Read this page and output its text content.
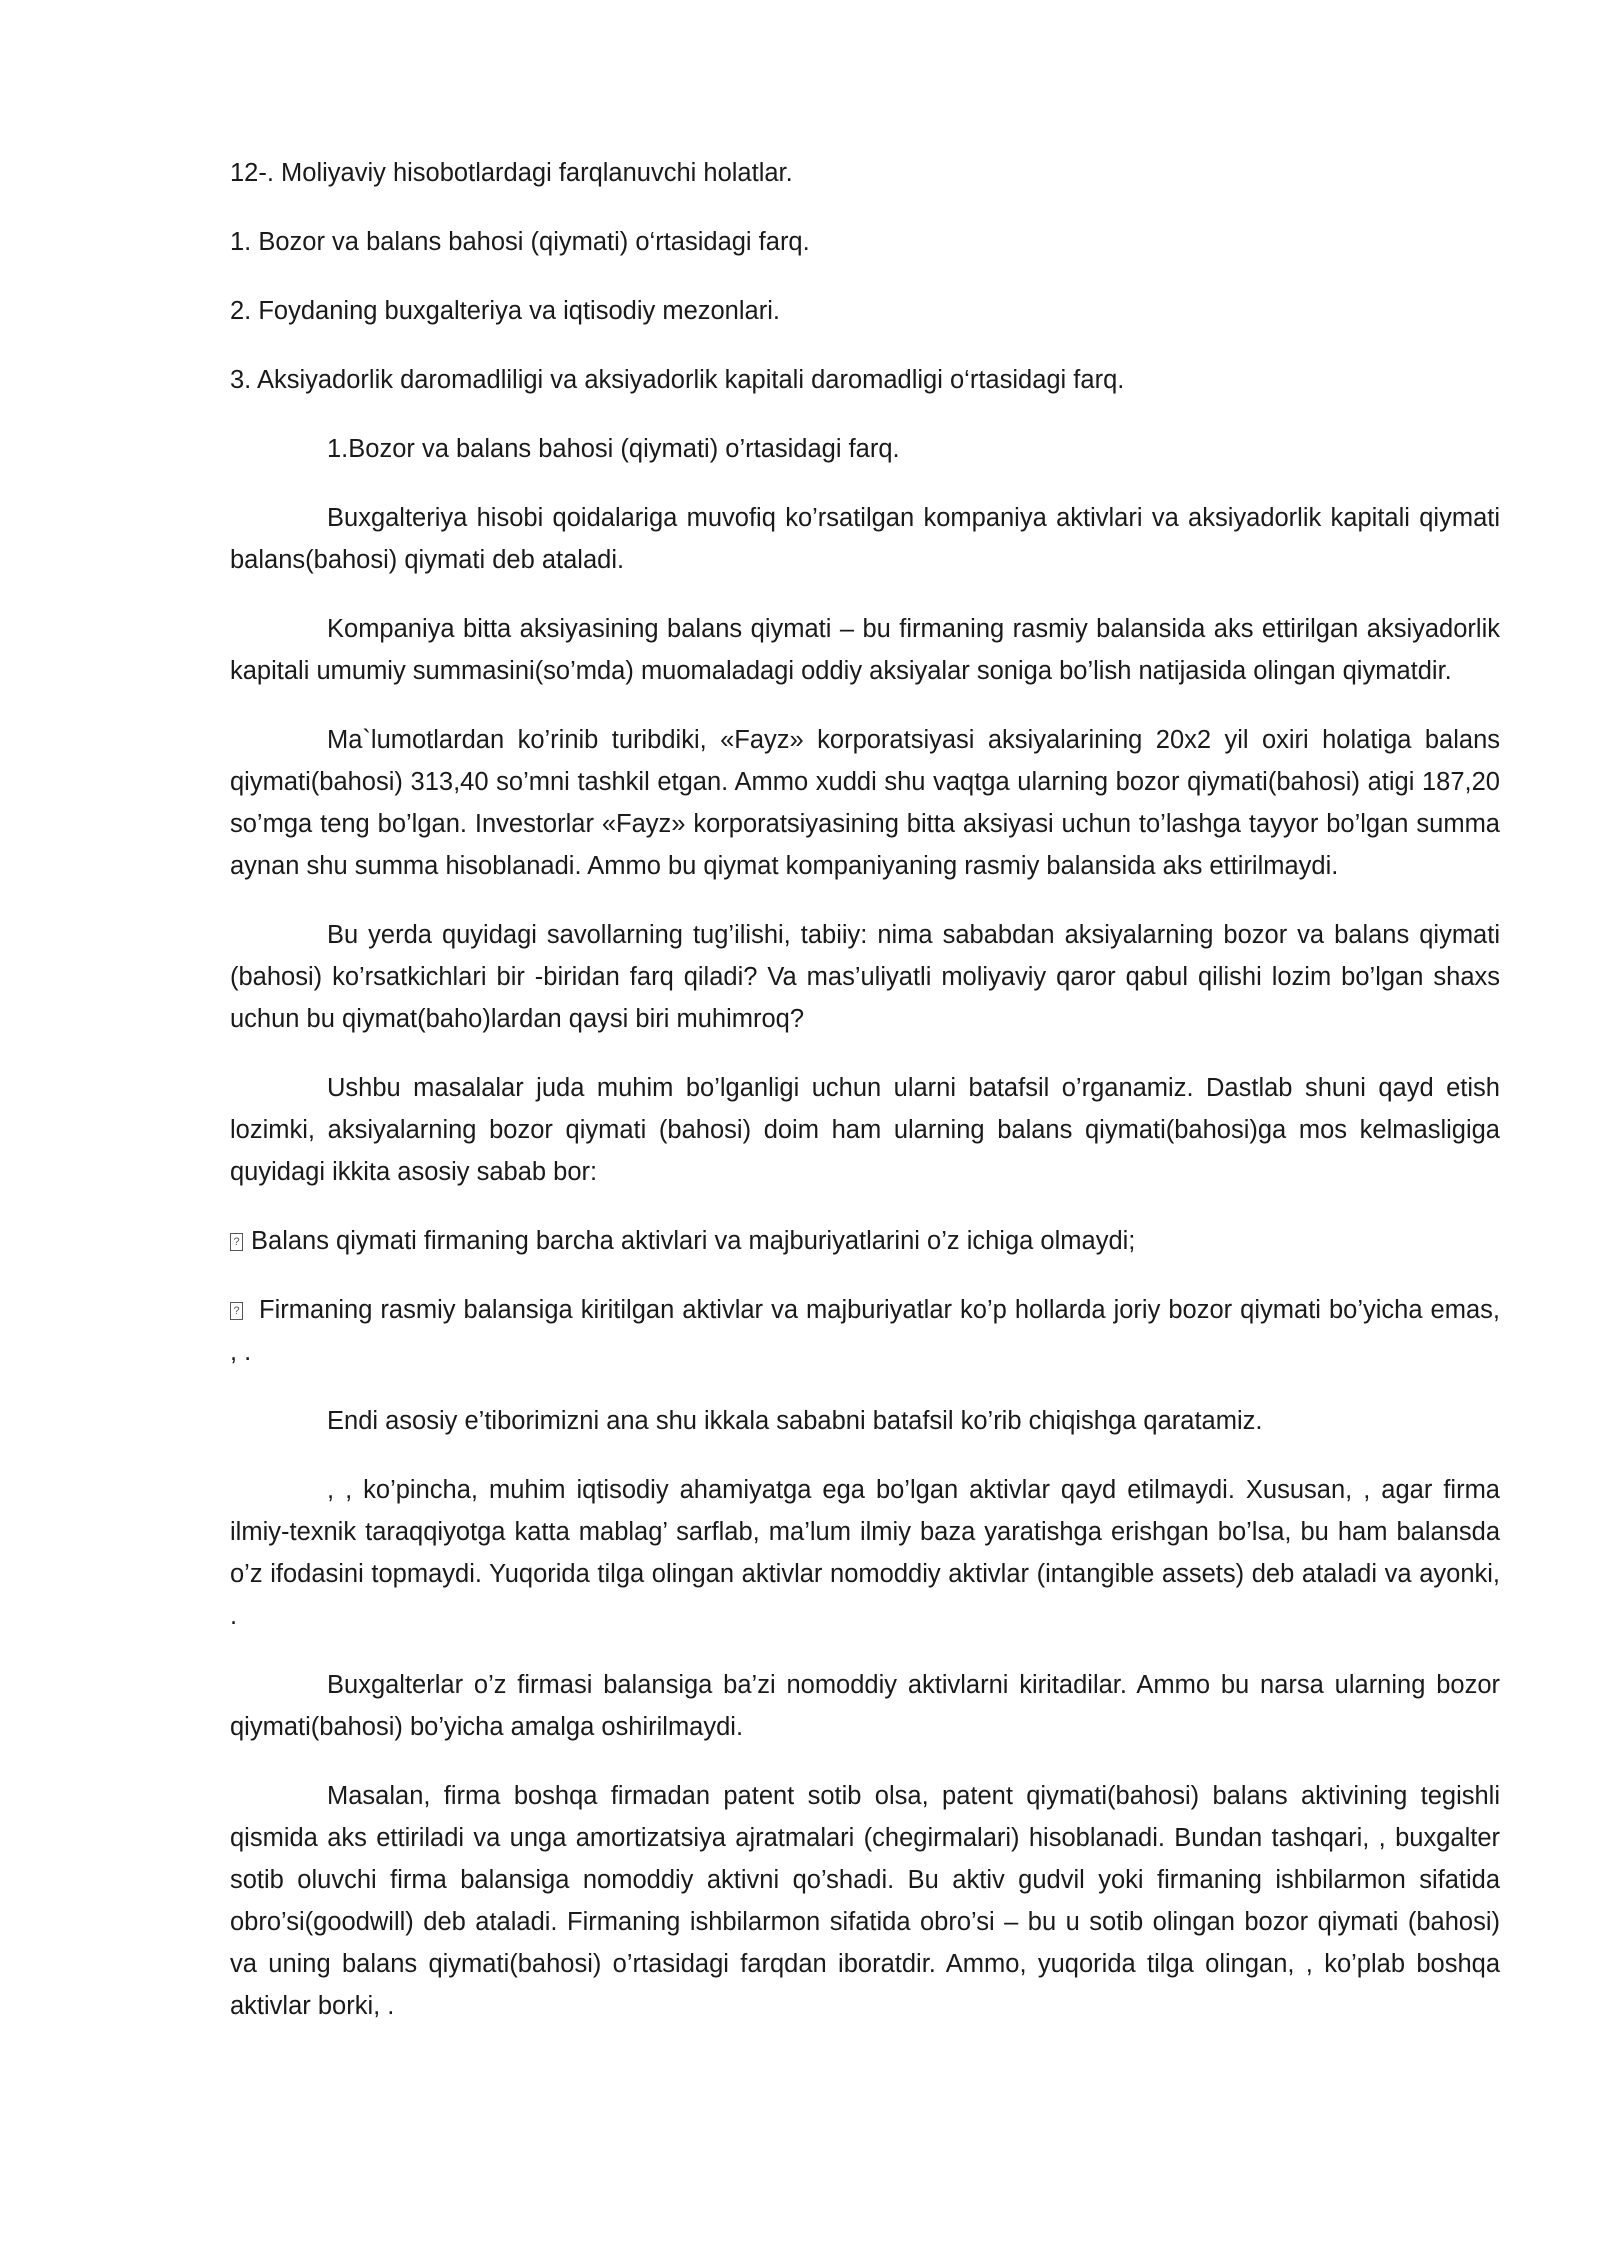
12-. Moliyaviy hisobotlardagi farqlanuvchi holatlar.

1. Bozor va balans bahosi (qiymati) o‘rtasidagi farq.

2. Foydaning buxgalteriya va iqtisodiy mezonlari.

3. Aksiyadorlik daromadliligi va aksiyadorlik kapitali daromadligi o‘rtasidagi farq.

1.Bozor va balans bahosi (qiymati) o’rtasidagi farq.

Buxgalteriya hisobi qoidalariga muvofiq ko’rsatilgan kompaniya aktivlari va aksiyadorlik kapitali qiymati balans(bahosi) qiymati deb ataladi.

Kompaniya bitta aksiyasining balans qiymati – bu firmaning rasmiy balansida aks ettirilgan aksiyadorlik kapitali umumiy summasini(so’mda) muomaladagi oddiy aksiyalar soniga bo’lish natijasida olingan qiymatdir.

Ma`lumotlardan ko’rinib turibdiki, «Fayz» korporatsiyasi aksiyalarining 20x2 yil oxiri holatiga balans qiymati(bahosi) 313,40 so’mni tashkil etgan. Ammo xuddi shu vaqtga ularning bozor qiymati(bahosi) atigi 187,20 so’mga teng bo’lgan. Investorlar «Fayz» korporatsiyasining bitta aksiyasi uchun to’lashga tayyor bo’lgan summa aynan shu summa hisoblanadi. Ammo bu qiymat kompaniyaning rasmiy balansida aks ettirilmaydi.

Bu yerda quyidagi savollarning tug’ilishi, tabiiy: nima sababdan aksiyalarning bozor va balans qiymati (bahosi) ko’rsatkichlari bir -biridan farq qiladi? Va mas’uliyatli moliyaviy qaror qabul qilishi lozim bo’lgan shaxs uchun bu qiymat(baho)lardan qaysi biri muhimroq?

Ushbu masalalar juda muhim bo’lganligi uchun ularni batafsil o’rganamiz. Dastlab shuni qayd etish lozimki, aksiyalarning bozor qiymati (bahosi) doim ham ularning balans qiymati(bahosi)ga mos kelmasligiga quyidagi ikkita asosiy sabab bor:

?Balans qiymati firmaning barcha aktivlari va majburiyatlarini o’z ichiga olmaydi;

? Firmaning rasmiy balansiga kiritilgan aktivlar va majburiyatlar ko’p hollarda joriy bozor qiymati bo’yicha emas, , .

Endi asosiy e’tiborimizni ana shu ikkala sababni batafsil ko’rib chiqishga qaratamiz.

, , ko’pincha, muhim iqtisodiy ahamiyatga ega bo’lgan aktivlar qayd etilmaydi. Xususan, , agar firma ilmiy-texnik taraqqiyotga katta mablag’ sarflab, ma’lum ilmiy baza yaratishga erishgan bo’lsa, bu ham balansda o’z ifodasini topmaydi. Yuqorida tilga olingan aktivlar nomoddiy aktivlar (intangible assets) deb ataladi va ayonki, .

Buxgalterlar o’z firmasi balansiga ba’zi nomoddiy aktivlarni kiritadilar. Ammo bu narsa ularning bozor qiymati(bahosi) bo’yicha amalga oshirilmaydi.

Masalan, firma boshqa firmadan patent sotib olsa, patent qiymati(bahosi) balans aktivining tegishli qismida aks ettiriladi va unga amortizatsiya ajratmalari (chegirmalari) hisoblanadi. Bundan tashqari, , buxgalter sotib oluvchi firma balansiga nomoddiy aktivni qo’shadi. Bu aktiv gudvil yoki firmaning ishbilarmon sifatida obro’si(goodwill) deb ataladi. Firmaning ishbilarmon sifatida obro’si – bu u sotib olingan bozor qiymati (bahosi) va uning balans qiymati(bahosi) o’rtasidagi farqdan iboratdir. Ammo, yuqorida tilga olingan, , ko’plab boshqa aktivlar borki, .
